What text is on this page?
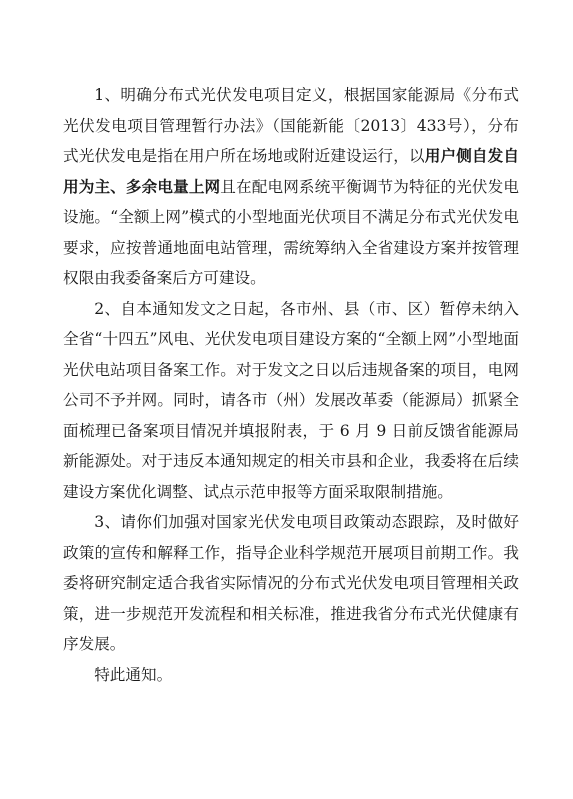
1、明确分布式光伏发电项目定义，根据国家能源局《分布式光伏发电项目管理暂行办法》（国能新能〔2013〕433号），分布式光伏发电是指在用户所在场地或附近建设运行，以用户侧自发自用为主、多余电量上网且在配电网系统平衡调节为特征的光伏发电设施。“全额上网”模式的小型地面光伏项目不满足分布式光伏发电要求，应按普通地面电站管理，需统筹纳入全省建设方案并按管理权限由我委备案后方可建设。

2、自本通知发文之日起，各市州、县（市、区）暂停未纳入全省“十四五”风电、光伏发电项目建设方案的“全额上网”小型地面光伏电站项目备案工作。对于发文之日以后违规备案的项目，电网公司不予并网。同时，请各市（州）发展改革委（能源局）抓紧全面梳理已备案项目情况并填报附表，于 6 月 9 日前反馈省能源局新能源处。对于违反本通知规定的相关市县和企业，我委将在后续建设方案优化调整、试点示范申报等方面采取限制措施。

3、请你们加强对国家光伏发电项目政策动态跟踪，及时做好政策的宣传和解释工作，指导企业科学规范开展项目前期工作。我委将研究制定适合我省实际情况的分布式光伏发电项目管理相关政策，进一步规范开发流程和相关标准，推进我省分布式光伏健康有序发展。

特此通知。
